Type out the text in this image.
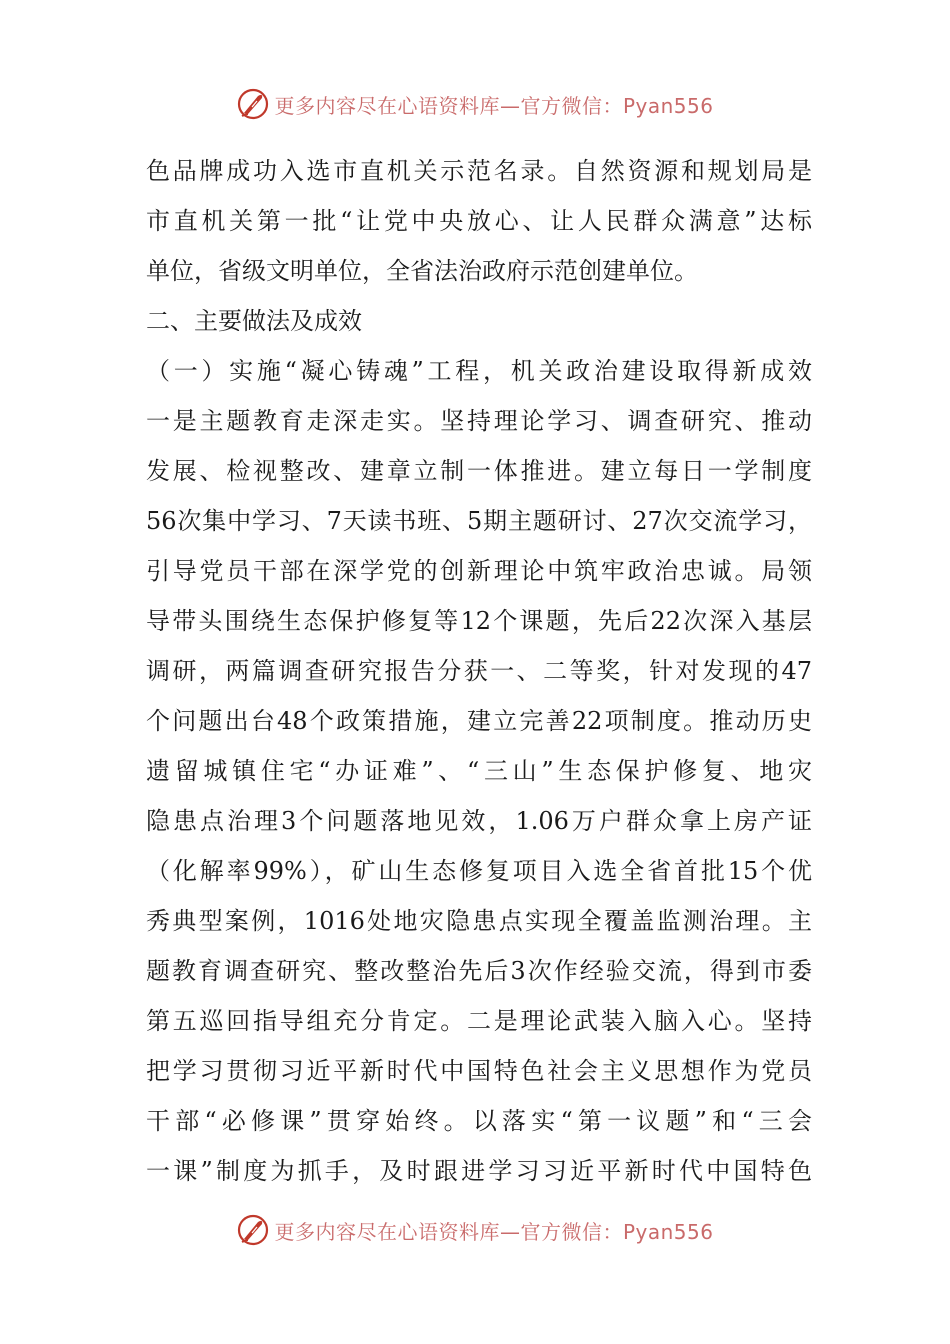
更多内容尽在心语资料库—官方微信：Pyan556
色品牌成功入选市直机关示范名录。自然资源和规划局是
市直机关第一批“让党中央放心、让人民群众满意”达标
单位，省级文明单位，全省法治政府示范创建单位。
二、主要做法及成效
（一）实施“凝心铸魂”工程，机关政治建设取得新成效
一是主题教育走深走实。坚持理论学习、调查研究、推动
发展、检视整改、建章立制一体推进。建立每日一学制度
56次集中学习、7天读书班、5期主题研讨、27次交流学习，
引导党员干部在深学党的创新理论中筑牢政治忠诚。局领
导带头围绕生态保护修复等12个课题，先后22次深入基层
调研，两篇调查研究报告分获一、二等奖，针对发现的47
个问题出台48个政策措施，建立完善22项制度。推动历史
遗留城镇住宅“办证难”、“三山”生态保护修复、地灾
隐患点治理3个问题落地见效，1.06万户群众拿上房产证
（化解率99%），矿山生态修复项目入选全省首批15个优
秀典型案例，1016处地灾隐患点实现全覆盖监测治理。主
题教育调查研究、整改整治先后3次作经验交流，得到市委
第五巡回指导组充分肯定。二是理论武装入脑入心。坚持
把学习贯彻习近平新时代中国特色社会主义思想作为党员
干部“必修课”贯穿始终。以落实“第一议题”和“三会
一课”制度为抓手，及时跟进学习习近平新时代中国特色
更多内容尽在心语资料库—官方微信：Pyan556
